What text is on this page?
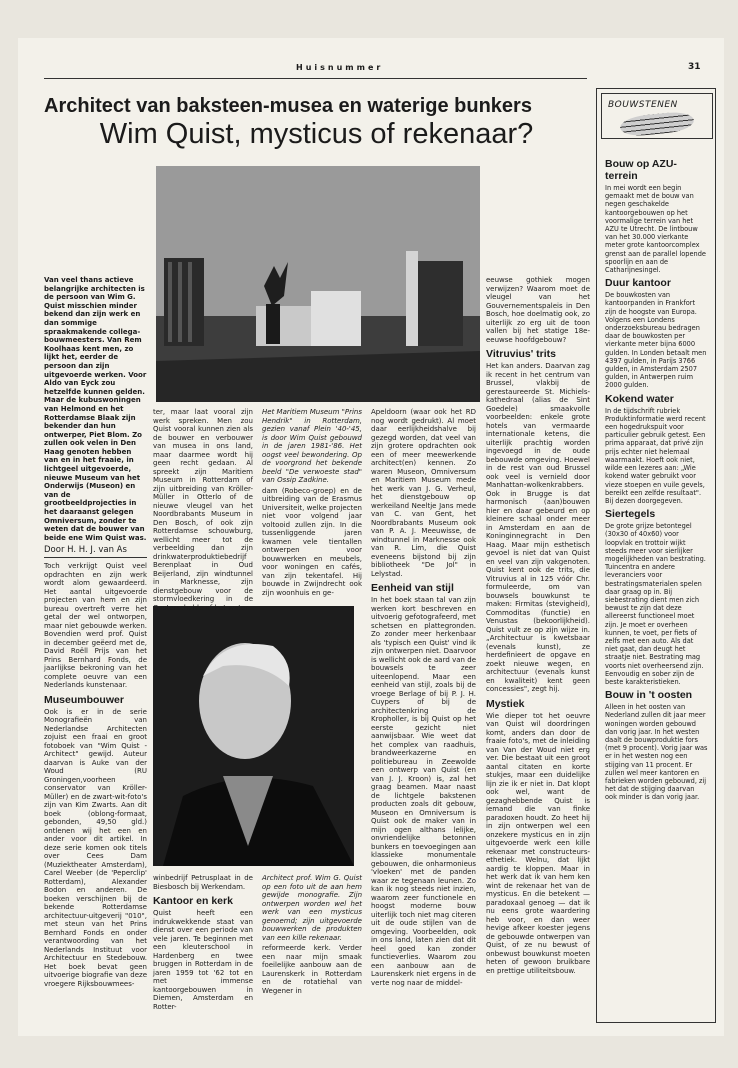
Huisnummer	31
Architect van baksteen-musea en waterige bunkers
Wim Quist, mysticus of rekenaar?

Van veel thans actieve belangrijke architecten is de persoon van Wim G. Quist misschien minder bekend dan zijn werk en dan sommige spraakmakende collega-bouwmeesters. Van Rem Koolhaas kent men, zo lijkt het, eerder de persoon dan zijn uitgevoerde werken. Voor Aldo van Eyck zou hetzelfde kunnen gelden. Maar de kubuswoningen van Helmond en het Rotterdamse Blaak zijn bekender dan hun ontwerper, Piet Blom. Zo zullen ook velen in Den Haag genoten hebben van en in het fraaie, in lichtgeel uitgevoerde, nieuwe Museum van het Onderwijs (Museon) en van de grootbeeldprojecties in het daaraanst gelegen Omniversum, zonder te weten dat de bouwer van beide ene Wim Quist was.

Door H. H. J. van As

Toch verkrijgt Quist veel opdrachten en zijn werk wordt alom gewaardeerd. Het aantal uitgevoerde projecten van hem en zijn bureau overtreft verre het getal der wel ontworpen, maar niet gebouwde werken. Bovendien werd prof. Quist in december geëerd met de, David Roëll Prijs van het Prins Bernhard Fonds, de jaarlijkse bekroning van het complete oeuvre van een Nederlands kunstenaar.

Museumbouwer

Ook is er in de serie Monografieën van Nederlandse Architecten zojuist een fraai en groot fotoboek van "Wim Quist - Architect" gewijd. Auteur daarvan is Auke van der Woud (RU Groningen,voorheen conservator van Kröller-Müller) en de zwart-wit-foto's zijn van Kim Zwarts. Aan dit boek (oblong-formaat, gebonden, 49,50 gld.) ontlenen wij het een en ander voor dit artikel. In deze serie komen ook titels over Cees Dam (Muziektheater Amsterdam), Carel Weeber (de 'Peperclip' Rotterdam), Alexander Bodon en anderen. De boeken verschijnen bij de bekende Rotterdamse architectuur-uitgeverij "010", met steun van het Prins Bernhard Fonds en onder verantwoording van het Nederlands Instituut voor Architectuur en Stedebouw. Het boek bevat geen uitvoerige biografie van deze vroegere Rijksbouwmees-

ter, maar laat vooral zijn werk spreken. Men zou Quist vooral kunnen zien als de bouwer en verbouwer van musea in ons land, maar daarmee wordt hij geen recht gedaan. Al spreekt zijn Maritiem Museum in Rotterdam of zijn uitbreiding van Kröller-Müller in Otterlo of de nieuwe vleugel van het Noordbrabants Museum in Den Bosch, of ook zijn Rotterdamse schouwburg, wellicht meer tot de verbeelding dan zijn drinkwaterproduktiebedrijf Berenplaat in Oud Beijerland, zijn windtunnel in Marknesse, zijn dienstgebouw voor de stormvloedkering in de Oosterschelde of het water-

winbedrijf Petrusplaat in de Biesbosch bij Werkendam.

Kantoor en kerk

Quist heeft een indrukwekkende staat van dienst over een periode van vele jaren. Te beginnen met een kleuterschool in Hardenberg en twee bruggen in Rotterdam in de jaren 1959 tot '62 tot en met immense kantoorgebouwen in Diemen, Amsterdam en Rotter-

Het Maritiem Museum "Prins Hendrik" in Rotterdam, gezien vanaf Plein '40-'45, is door Wim Quist gebouwd in de jaren 1981-'86. Het oogst veel bewondering. Op de voorgrond het bekende beeld "De verwoeste stad" van Ossip Zadkine.

dam (Robeco-groep) en de uitbreiding van de Erasmus Universiteit, welke projecten niet voor volgend jaar voltooid zullen zijn. In die tussenliggende jaren kwamen vele tientallen ontwerpen voor bouwwerken en meubels, voor woningen en cafés, van zijn tekentafel. Hij bouwde in Zwijndrecht ook zijn woonhuis en ge-

Architect prof. Wim G. Quist op een foto uit de aan hem gewijde monografie. Zijn ontwerpen worden wel het werk van een mysticus genoemd; zijn uitgevoerde bouwwerken de produkten van een kille rekenaar.

reformeerde kerk. Verder een naar mijn smaak foeilelijke aanbouw aan de Laurenskerk in Rotterdam en de rotatiehal van Wegener in

Apeldoorn (waar ook het RD nog wordt gedrukt). Al moet daar eerlijkheidshalve bij gezegd worden, dat veel van zijn grotere opdrachten ook een of meer meewerkende architect(en) kennen. Zo waren Museon, Omniversum en Maritiem Museum mede het werk van J. G. Verheul, het dienstgebouw op werkeiland Neeltje Jans mede van C. van Gent, het Noordbrabants Museum ook van P. A. J. Meeuwisse, de windtunnel in Marknesse ook van R. Lim, die Quist eveneens bijstond bij zijn bibliotheek "De Jol" in Lelystad.

Eenheid van stijl

In het boek staan tal van zijn werken kort beschreven en uitvoerig gefotografeerd, met schetsen en plattegronden. Zo zonder meer herkenbaar als 'typisch een Quist' vind ik zijn ontwerpen niet. Daarvoor is wellicht ook de aard van de bouwsels te zeer uiteenlopend. Maar een eenheid van stijl, zoals bij de vroege Berlage of bij P. J. H. Cuypers of bij de architectenkring de Kropholler, is bij Quist op het eerste gezicht niet aanwijsbaar. Wie weet dat het complex van raadhuis, brandweerkazerne en politiebureau in Zeewolde een ontwerp van Quist (en van J. J. Kroon) is, zal het graag beamen. Maar naast de lichtgele bakstenen producten zoals dit gebouw, Museon en Omniversum is Quist ook de maker van in mijn ogen althans lelijke, onvriendelijke betonnen bunkers en toevoegingen aan klassieke monumentale gebouwen, die onharmonieus 'vloeken' met de panden waar ze tegenaan leunen. Zo kan ik nog steeds niet inzien, waarom zeer functionele en hoogst moderne bouw uiterlijk toch niet mag citeren uit de oude stijlen van de omgeving. Voorbeelden, ook in ons land, laten zien dat dit heel goed kan zonder functieverlies. Waarom zou een aanbouw aan de Laurenskerk niet ergens in de verte nog naar de middel-

eeuwse gothiek mogen verwijzen? Waarom moet de vleugel van het Gouvernementspaleis in Den Bosch, hoe doelmatig ook, zo uiterlijk zo erg uit de toon vallen bij het statige 18e-eeuwse hoofdgebouw?

Vitruvius' trits

Het kan anders. Daarvan zag ik recent in het centrum van Brussel, vlakbij de gerestaureerde St. Michiels-kathedraal (alias de Sint Goedele) smaakvolle voorbeelden: enkele grote hotels van vermaarde internationale ketens, die uiterlijk prachtig worden ingevoegd in de oude bebouwde omgeving. Hoewel in de rest van oud Brussel ook veel is vernield door Manhattan-wolkenkrabbers. Ook in Brugge is dat harmonisch (aan)bouwen hier en daar gebeurd en op kleinere schaal onder meer in Amsterdam en aan de Koninginnegracht in Den Haag. Maar mijn esthetisch gevoel is niet dat van Quist en veel van zijn vakgenoten. Quist kent ook de trits, die Vitruvius al in 125 vóór Chr. formuleerde, om van bouwsels bouwkunst te maken: Firmitas (stevigheid), Commoditas (functie) en Venustas (bekoorlijkheid). Quist vult ze op zijn wijze in. „Architectuur is kwetsbaar (evenals kunst), ze herdefinieert de opgave en zoekt nieuwe wegen, en architectuur (evenals kunst en kwaliteit) kent geen concessies", zegt hij.

Mystiek

Wie dieper tot het oeuvre van Quist wil doordringen komt, anders dan door de fraaie foto's, met de inleiding van Van der Woud niet erg ver. Die bestaat uit een groot aantal citaten en korte stukjes, maar een duidelijke lijn zie ik er niet in. Dat klopt ook wel, want de gezaghebbende Quist is iemand die van finke paradoxen houdt. Zo heet hij in zijn ontwerpen wel een onzekere mysticus en in zijn uitgevoerde werk een kille rekenaar met constructeurs-ethetiek. Welnu, dat lijkt aardig te kloppen. Maar in het werk dat ik van hem ken wint de rekenaar het van de mysticus. En die betekent — paradoxaal genoeg — dat ik nu eens grote waardering heb voor, en dan weer hevige afkeer koester jegens de gebouwde ontwerpen van Quist, of ze nu bewust of onbewust bouwkunst moeten heten of gewoon bruikbare en prettige utiliteitsbouw.

BOUWSTENEN
Bouw op AZU-terrein

In mei wordt een begin gemaakt met de bouw van negen geschakelde kantoorgebouwen op het voormalige terrein van het AZU te Utrecht. De lintbouw van het 30.000 vierkante meter grote kantoorcomplex grenst aan de parallel lopende spoorlijn en aan de Catharijnesingel.

Duur kantoor

De bouwkosten van kantoorpanden in Frankfort zijn de hoogste van Europa. Volgens een Londens onderzoeksbureau bedragen daar de bouwkosten per vierkante meter bijna 6000 gulden. In Londen betaalt men 4397 gulden, in Parijs 3766 gulden, in Amsterdam 2507 gulden, in Antwerpen ruim 2000 gulden.

Kokend water

In de tijdschrift rubriek Produktinformatie werd recent een hogedrukspuit voor particulier gebruik getest. Een prima apparaat, dat privé zijn prijs echter niet helemaal waarmaakt. Hoeft ook niet, wilde een lezeres aan: „Wie kokend water gebruikt voor vieze stoepen en vuile gevels, bereikt een zelfde resultaat". Bij dezen doorgegeven.

Siertegels

De grote grijze betontegel (30x30 of 40x60) voor loopvlak en trottoir wijkt steeds meer voor sierlijker mogelijkheden van bestrating. Tuincentra en andere leveranciers voor bestratingsmaterialen spelen daar graag op in. Bij siebestrating dient men zich bewust te zijn dat deze allereerst functioneel moet zijn. Je moet er overheen kunnen, te voet, per fiets of zelfs met een auto. Als dat niet gaat, dan deugt het straatje niet. Bestrating mag voorts niet overheersend zijn. Eenvoudig en sober zijn de beste karakteristieken.

Bouw in 't oosten

Alleen in het oosten van Nederland zullen dit jaar meer woningen worden gebouwd dan vorig jaar. In het westen daalt de bouwproduktie fors (met 9 procent). Vorig jaar was er in het westen nog een stijging van 11 procent. Er zullen wel meer kantoren en fabrieken worden gebouwd, zij het dat de stijging daarvan ook minder is dan vorig jaar.
